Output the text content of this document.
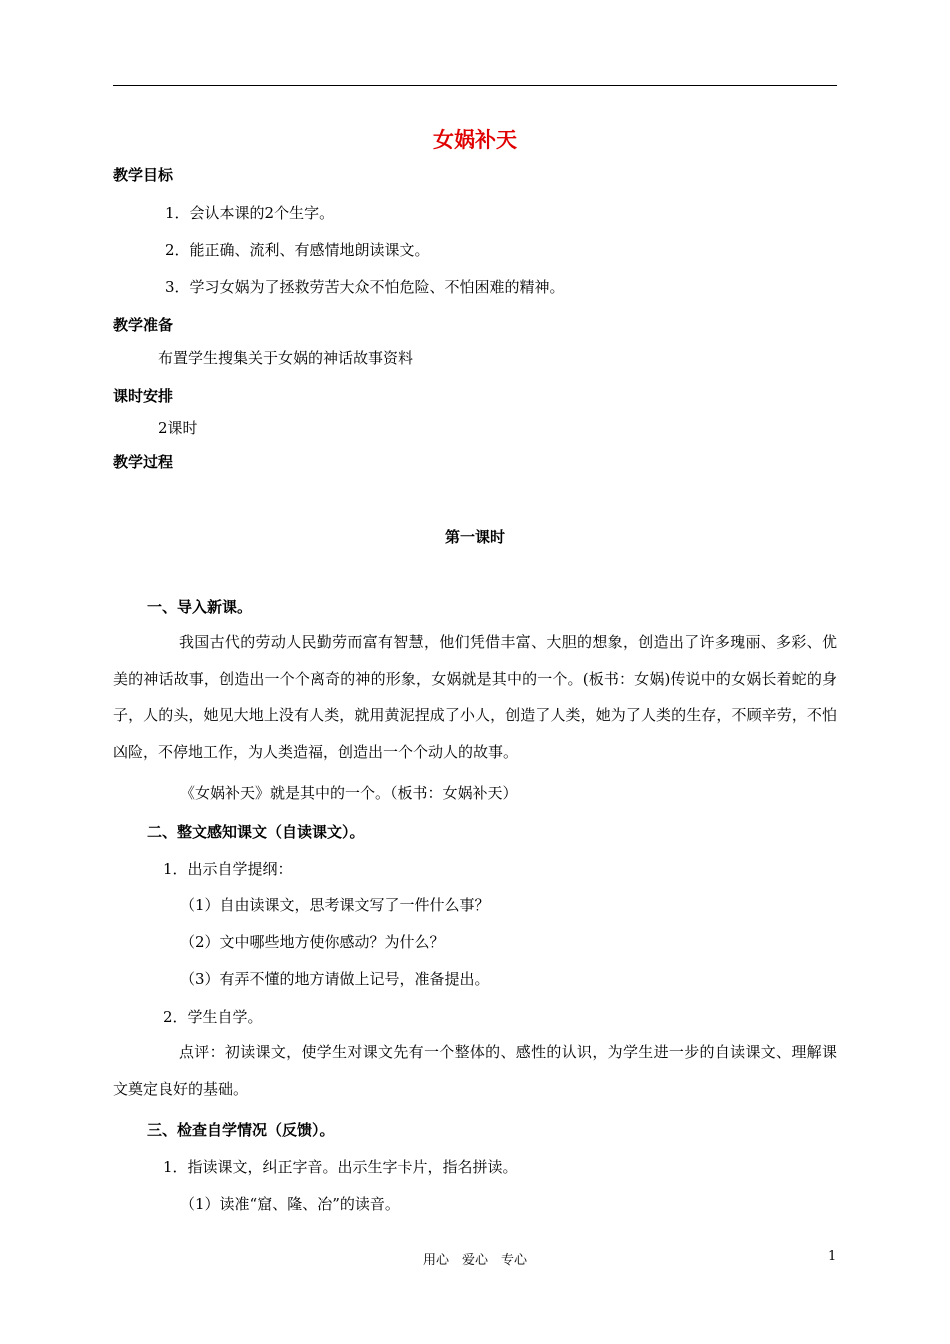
女娲补天
教学目标
1．会认本课的2个生字。
2．能正确、流利、有感情地朗读课文。
3．学习女娲为了拯救劳苦大众不怕危险、不怕困难的精神。
教学准备
布置学生搜集关于女娲的神话故事资料
课时安排
2课时
教学过程
第一课时
一、导入新课。
我国古代的劳动人民勤劳而富有智慧，他们凭借丰富、大胆的想象，创造出了许多瑰丽、多彩、优美的神话故事，创造出一个个离奇的神的形象，女娲就是其中的一个。(板书：女娲)传说中的女娲长着蛇的身子，人的头，她见大地上没有人类，就用黄泥捏成了小人，创造了人类，她为了人类的生存，不顾辛劳，不怕凶险，不停地工作，为人类造福，创造出一个个动人的故事。
《女娲补天》就是其中的一个。（板书：女娲补天）
二、整文感知课文（自读课文）。
1．出示自学提纲：
（1）自由读课文，思考课文写了一件什么事？
（2）文中哪些地方使你感动？为什么？
（3）有弄不懂的地方请做上记号，准备提出。
2．学生自学。
点评：初读课文，使学生对课文先有一个整体的、感性的认识，为学生进一步的自读课文、理解课文奠定良好的基础。
三、检查自学情况（反馈）。
1．指读课文，纠正字音。出示生字卡片，指名拼读。
（1）读准“窟、隆、冶”的读音。
用心　爱心　专心	1
